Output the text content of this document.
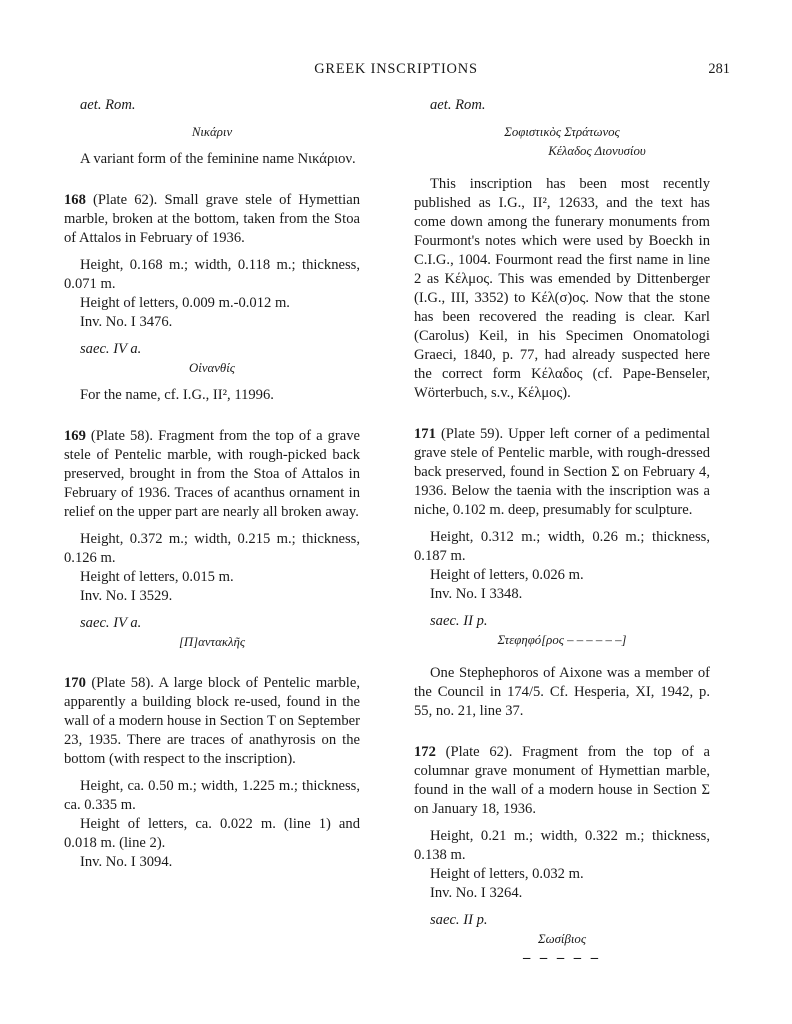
GREEK INSCRIPTIONS	281

aet. Rom.

Νικάριν

A variant form of the feminine name Νικάριον.

168 (Plate 62). Small grave stele of Hymettian marble, broken at the bottom, taken from the Stoa of Attalos in February of 1936.

Height, 0.168 m.; width, 0.118 m.; thickness, 0.071 m.

Height of letters, 0.009 m.-0.012 m.

Inv. No. I 3476.

saec. IV a.

Οἰνανθίς

For the name, cf. I.G., II², 11996.

169 (Plate 58). Fragment from the top of a grave stele of Pentelic marble, with rough-picked back preserved, brought in from the Stoa of Attalos in February of 1936. Traces of acanthus ornament in relief on the upper part are nearly all broken away.

Height, 0.372 m.; width, 0.215 m.; thickness, 0.126 m.

Height of letters, 0.015 m.

Inv. No. I 3529.

saec. IV a.

[Π]αντακλῆς

170 (Plate 58). A large block of Pentelic marble, apparently a building block re-used, found in the wall of a modern house in Section T on September 23, 1935. There are traces of anathyrosis on the bottom (with respect to the inscription).

Height, ca. 0.50 m.; width, 1.225 m.; thickness, ca. 0.335 m.

Height of letters, ca. 0.022 m. (line 1) and 0.018 m. (line 2).

Inv. No. I 3094.

aet. Rom.

Σοφιστικὸς Στράτωνος

Κέλαδος Διονυσίου

This inscription has been most recently published as I.G., II², 12633, and the text has come down among the funerary monuments from Fourmont's notes which were used by Boeckh in C.I.G., 1004. Fourmont read the first name in line 2 as Κέλμος. This was emended by Dittenberger (I.G., III, 3352) to Κέλ(σ)ος. Now that the stone has been recovered the reading is clear. Karl (Carolus) Keil, in his Specimen Onomatologi Graeci, 1840, p. 77, had already suspected here the correct form Κέλαδος (cf. Pape-Benseler, Wörterbuch, s.v., Κέλμος).

171 (Plate 59). Upper left corner of a pedimental grave stele of Pentelic marble, with rough-dressed back preserved, found in Section Σ on February 4, 1936. Below the taenia with the inscription was a niche, 0.102 m. deep, presumably for sculpture.

Height, 0.312 m.; width, 0.26 m.; thickness, 0.187 m.

Height of letters, 0.026 m.

Inv. No. I 3348.

saec. II p.

Στεφηφό[ρος – – – – – –]

One Stephephoros of Aixone was a member of the Council in 174/5. Cf. Hesperia, XI, 1942, p. 55, no. 21, line 37.

172 (Plate 62). Fragment from the top of a columnar grave monument of Hymettian marble, found in the wall of a modern house in Section Σ on January 18, 1936.

Height, 0.21 m.; width, 0.322 m.; thickness, 0.138 m.

Height of letters, 0.032 m.

Inv. No. I 3264.

saec. II p.

Σωσίβιος

– – – – –
